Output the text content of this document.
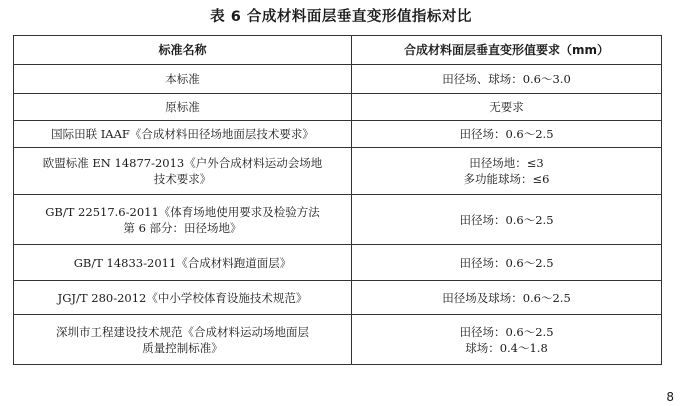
表 6 合成材料面层垂直变形值指标对比
标准名称	合成材料面层垂直变形值要求（mm）

本标准	田径场、球场：0.6～3.0

原标准	无要求

国际田联 IAAF《合成材料田径场地面层技术要求》	田径场：0.6～2.5

欧盟标准 EN 14877-2013《户外合成材料运动会场地
技术要求》	田径场地：≤3
多功能球场：≤6

GB/T 22517.6-2011《体育场地使用要求及检验方法
第 6 部分：田径场地》	田径场：0.6～2.5

GB/T 14833-2011《合成材料跑道面层》	田径场：0.6～2.5

JGJ/T 280-2012《中小学校体育设施技术规范》	田径场及球场：0.6～2.5

深圳市工程建设技术规范《合成材料运动场地面层
质量控制标准》	田径场：0.6～2.5
球场：0.4～1.8
8
